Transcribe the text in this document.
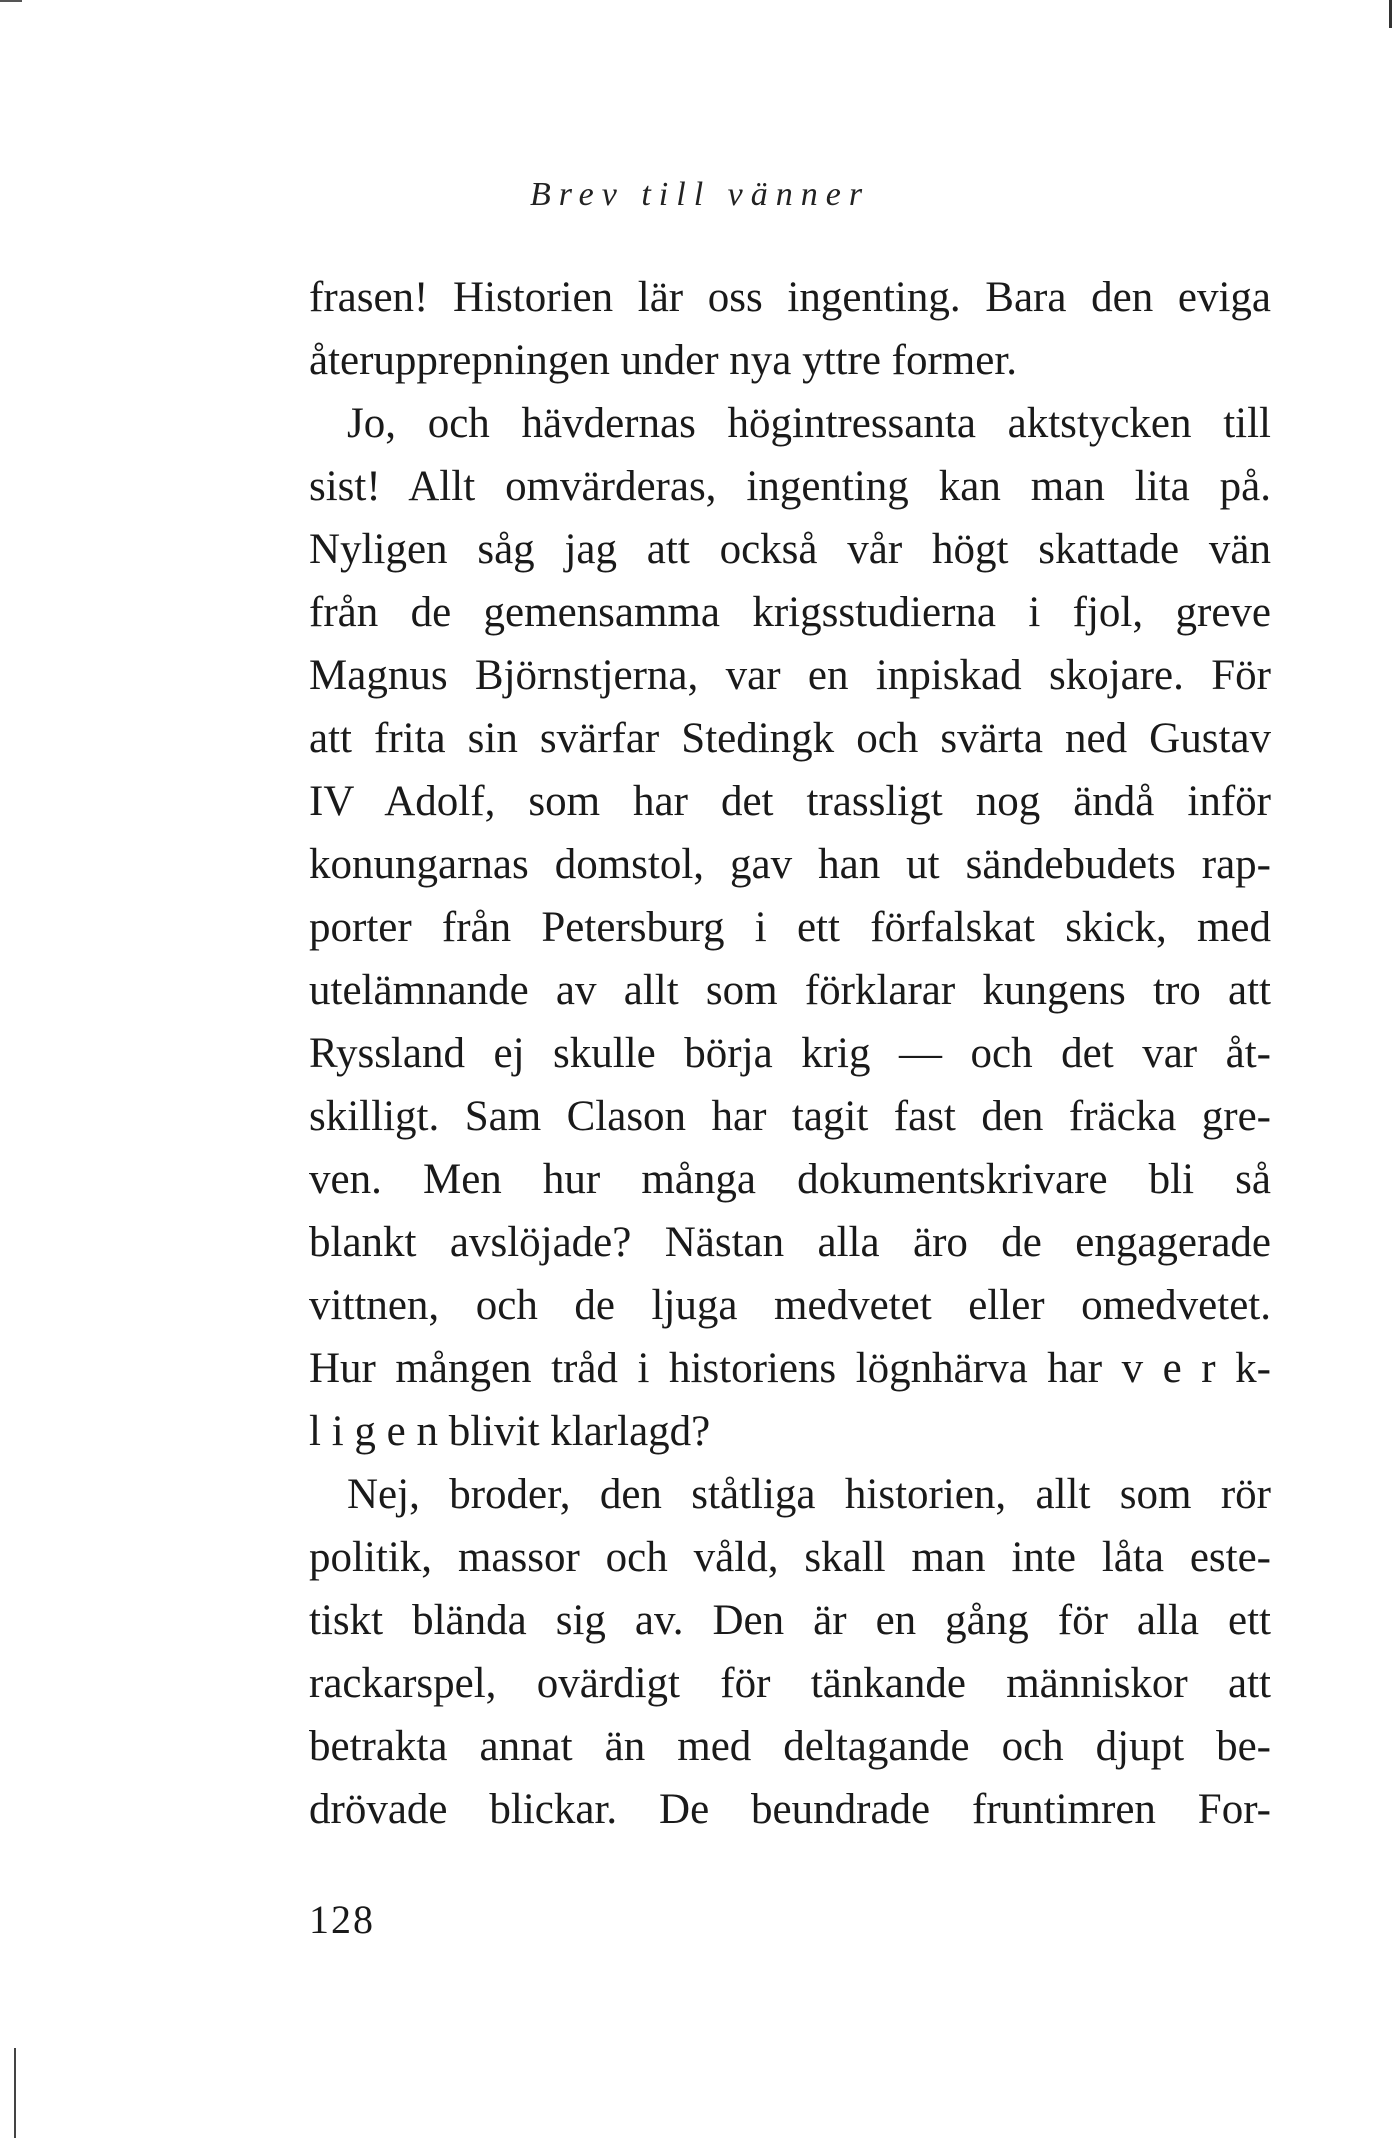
Brev till vänner
frasen! Historien lär oss ingenting. Bara den eviga
återupprepningen under nya yttre former.
Jo, och hävdernas högintressanta aktstycken till
sist! Allt omvärderas, ingenting kan man lita på.
Nyligen såg jag att också vår högt skattade vän
från de gemensamma krigsstudierna i fjol, greve
Magnus Björnstjerna, var en inpiskad skojare. För
att frita sin svärfar Stedingk och svärta ned Gustav
IV Adolf, som har det trassligt nog ändå inför
konungarnas domstol, gav han ut sändebudets rap-
porter från Petersburg i ett förfalskat skick, med
utelämnande av allt som förklarar kungens tro att
Ryssland ej skulle börja krig — och det var åt-
skilligt. Sam Clason har tagit fast den fräcka gre-
ven. Men hur många dokumentskrivare bli så
blankt avslöjade? Nästan alla äro de engagerade
vittnen, och de ljuga medvetet eller omedvetet.
Hur mången tråd i historiens lögnhärva har v e r k-
l i g e n blivit klarlagd?
Nej, broder, den ståtliga historien, allt som rör
politik, massor och våld, skall man inte låta este-
tiskt blända sig av. Den är en gång för alla ett
rackarspel, ovärdigt för tänkande människor att
betrakta annat än med deltagande och djupt be-
drövade blickar. De beundrade fruntimren For-
128
